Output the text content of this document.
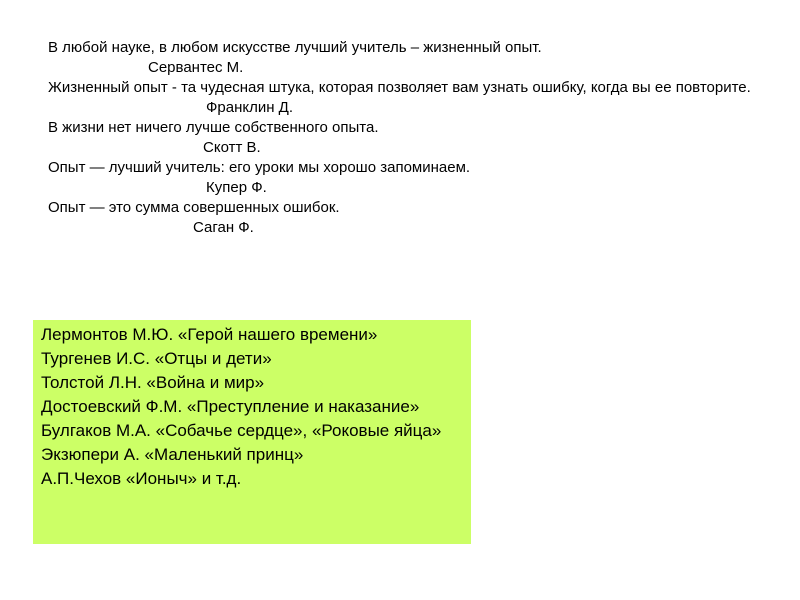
В любой науке, в любом искусстве лучший учитель – жизненный опыт.
Сервантес М.
Жизненный опыт - та чудесная штука, которая позволяет вам узнать ошибку, когда вы ее повторите.
Франклин Д.
В жизни нет ничего лучше собственного опыта.
Скотт В.
Опыт — лучший учитель: его уроки мы хорошо запоминаем.
Купер Ф.
Опыт — это сумма совершенных ошибок.
Саган Ф.
Лермонтов М.Ю. «Герой нашего времени»
Тургенев И.С. «Отцы и дети»
Толстой Л.Н. «Война и мир»
Достоевский Ф.М. «Преступление и наказание»
Булгаков М.А. «Собачье сердце», «Роковые яйца»
Экзюпери А. «Маленький принц»
А.П.Чехов «Ионыч» и т.д.
